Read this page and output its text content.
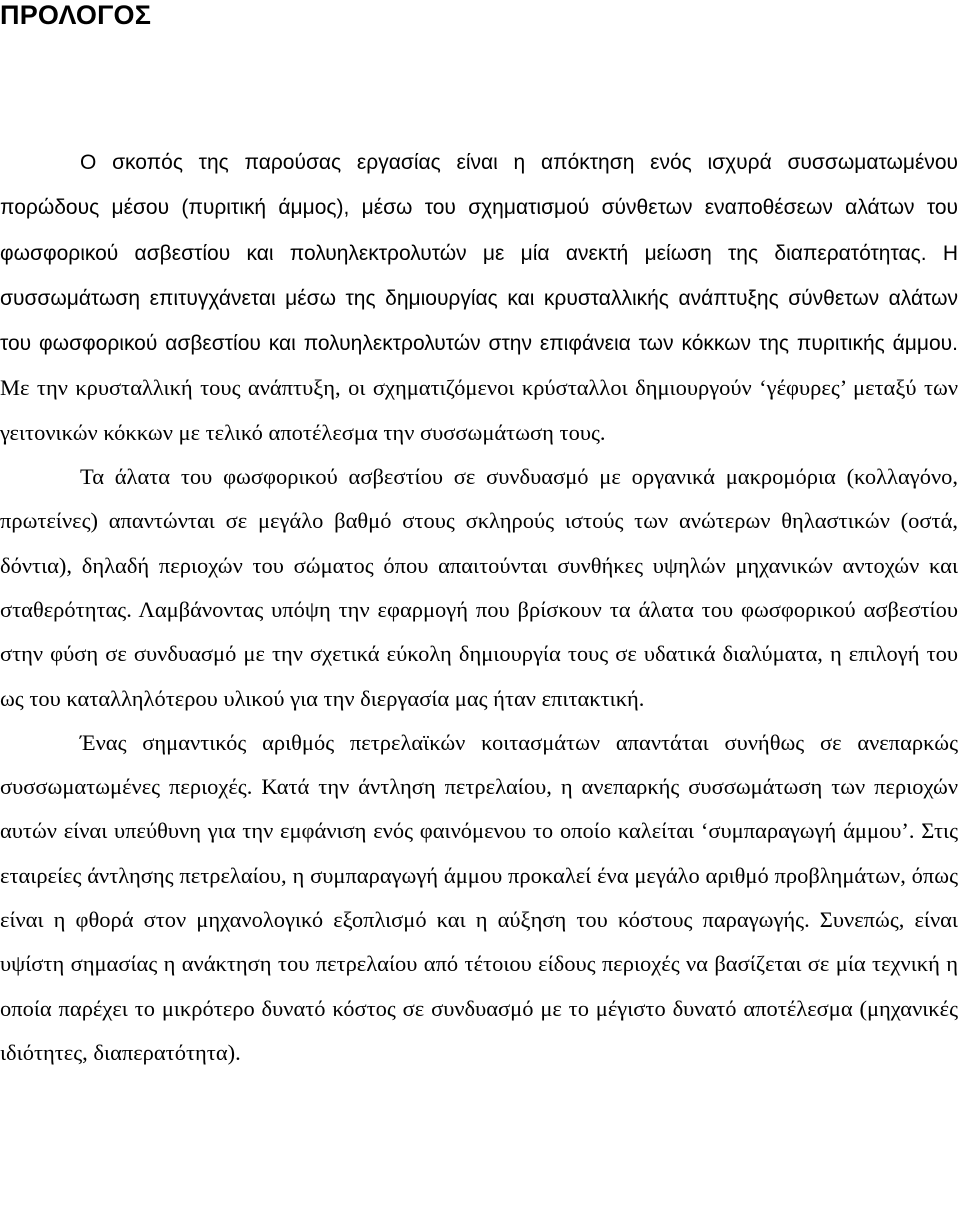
ΠΡΟΛΟΓΟΣ

Ο σκοπός της παρούσας εργασίας είναι η απόκτηση ενός ισχυρά συσσωματωμένου πορώδους μέσου (πυριτική άμμος), μέσω του σχηματισμού σύνθετων εναποθέσεων αλάτων του φωσφορικού ασβεστίου και πολυηλεκτρολυτών με μία ανεκτή μείωση της διαπερατότητας. Η συσσωμάτωση επιτυγχάνεται μέσω της δημιουργίας και κρυσταλλικής ανάπτυξης σύνθετων αλάτων του φωσφορικού ασβεστίου και πολυηλεκτρολυτών στην επιφάνεια των κόκκων της πυριτικής άμμου. Με την κρυσταλλική τους ανάπτυξη, οι σχηματιζόμενοι κρύσταλλοι δημιουργούν ‘γέφυρες’ μεταξύ των γειτονικών κόκκων με τελικό αποτέλεσμα την συσσωμάτωση τους.

Τα άλατα του φωσφορικού ασβεστίου σε συνδυασμό με οργανικά μακρομόρια (κολλαγόνο, πρωτείνες) απαντώνται σε μεγάλο βαθμό στους σκληρούς ιστούς των ανώτερων θηλαστικών (οστά, δόντια), δηλαδή περιοχών του σώματος όπου απαιτούνται συνθήκες υψηλών μηχανικών αντοχών και σταθερότητας. Λαμβάνοντας υπόψη την εφαρμογή που βρίσκουν τα άλατα του φωσφορικού ασβεστίου στην φύση σε συνδυασμό με την σχετικά εύκολη δημιουργία τους σε υδατικά διαλύματα, η επιλογή του ως του καταλληλότερου υλικού για την διεργασία μας ήταν επιτακτική.

Ένας σημαντικός αριθμός πετρελαϊκών κοιτασμάτων απαντάται συνήθως σε ανεπαρκώς συσσωματωμένες περιοχές. Κατά την άντληση πετρελαίου, η ανεπαρκής συσσωμάτωση των περιοχών αυτών είναι υπεύθυνη για την εμφάνιση ενός φαινόμενου το οποίο καλείται ‘συμπαραγωγή άμμου’. Στις εταιρείες άντλησης πετρελαίου, η συμπαραγωγή άμμου προκαλεί ένα μεγάλο αριθμό προβλημάτων, όπως είναι η φθορά στον μηχανολογικό εξοπλισμό και η αύξηση του κόστους παραγωγής. Συνεπώς, είναι υψίστη σημασίας η ανάκτηση του πετρελαίου από τέτοιου είδους περιοχές να βασίζεται σε μία τεχνική η οποία παρέχει το μικρότερο δυνατό κόστος σε συνδυασμό με το μέγιστο δυνατό αποτέλεσμα (μηχανικές ιδιότητες, διαπερατότητα).
